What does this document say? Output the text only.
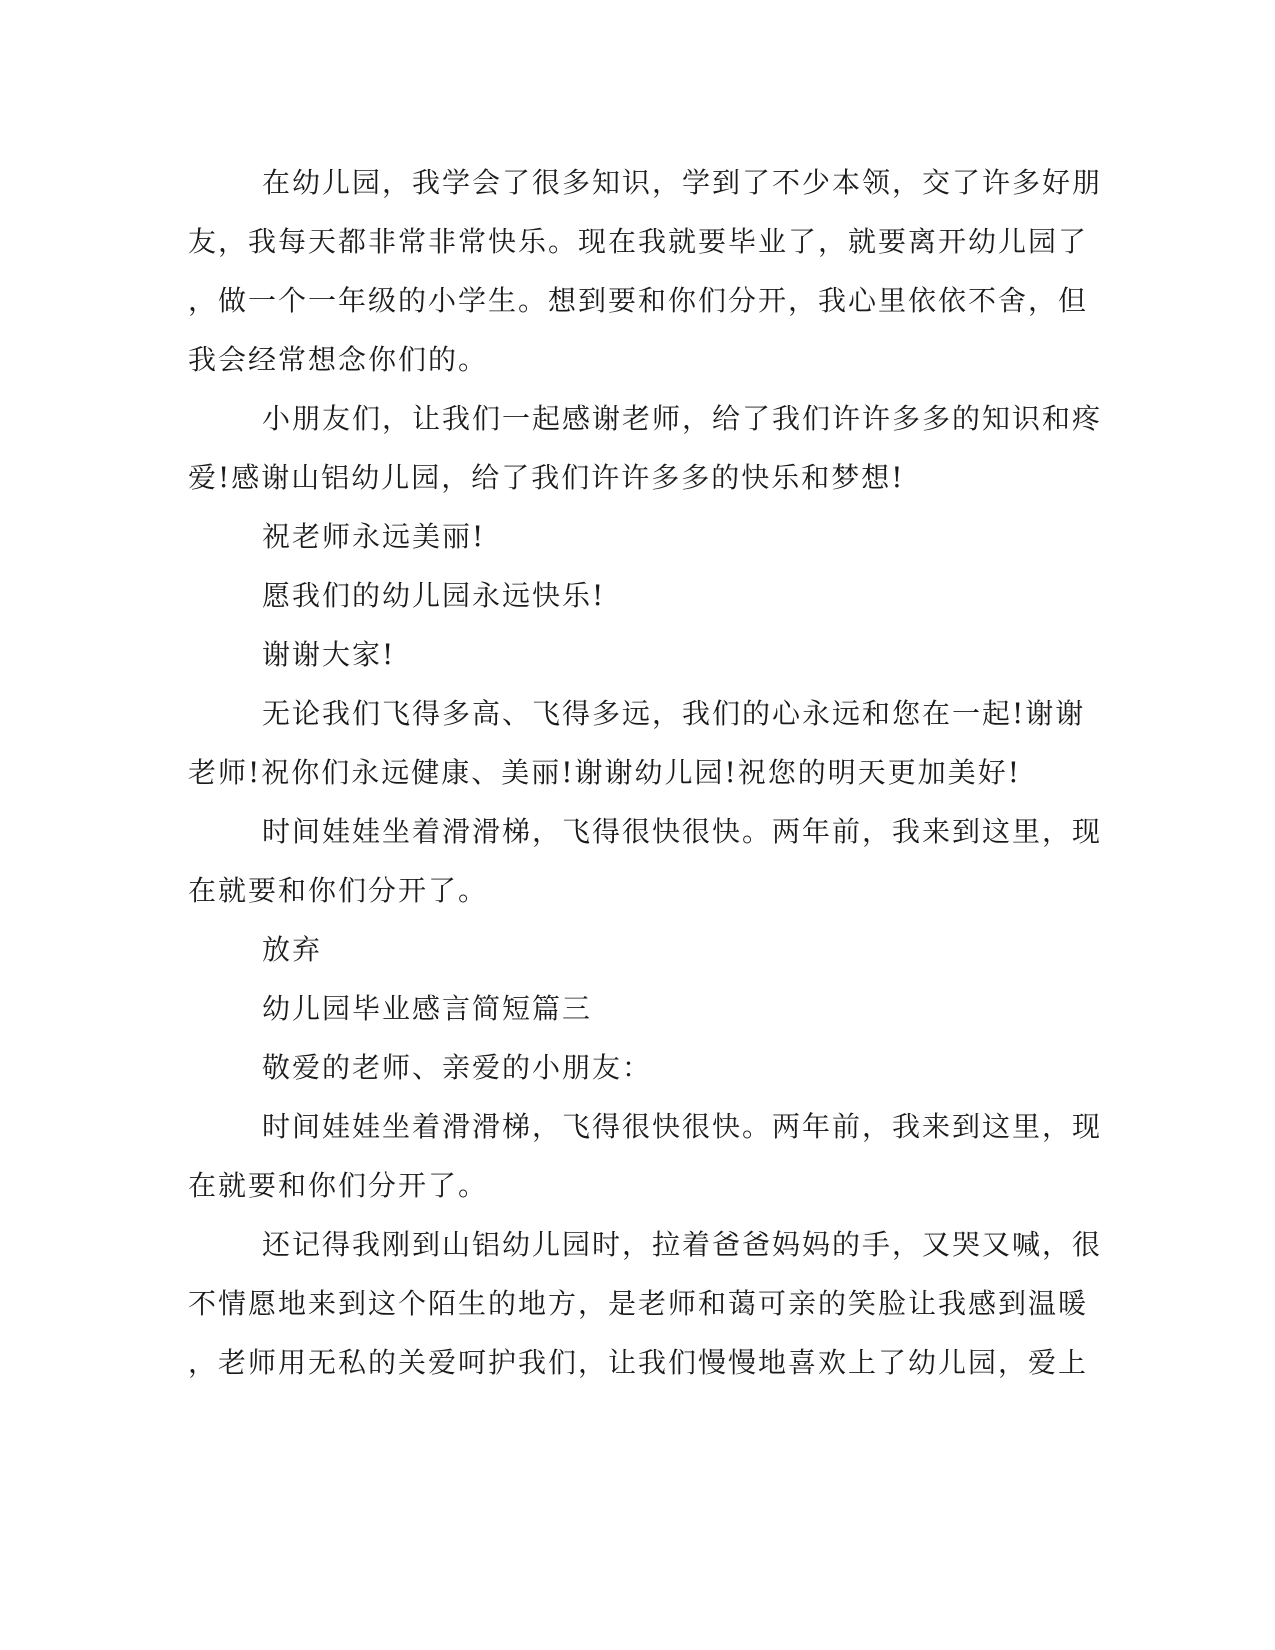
在幼儿园，我学会了很多知识，学到了不少本领，交了许多好朋
友，我每天都非常非常快乐。现在我就要毕业了，就要离开幼儿园了
，做一个一年级的小学生。想到要和你们分开，我心里依依不舍，但
我会经常想念你们的。
小朋友们，让我们一起感谢老师，给了我们许许多多的知识和疼
爱!感谢山铝幼儿园，给了我们许许多多的快乐和梦想!
祝老师永远美丽!
愿我们的幼儿园永远快乐!
谢谢大家!
无论我们飞得多高、飞得多远，我们的心永远和您在一起!谢谢
老师!祝你们永远健康、美丽!谢谢幼儿园!祝您的明天更加美好!
时间娃娃坐着滑滑梯，飞得很快很快。两年前，我来到这里，现
在就要和你们分开了。
放弃
幼儿园毕业感言简短篇三
敬爱的老师、亲爱的小朋友：
时间娃娃坐着滑滑梯，飞得很快很快。两年前，我来到这里，现
在就要和你们分开了。
还记得我刚到山铝幼儿园时，拉着爸爸妈妈的手，又哭又喊，很
不情愿地来到这个陌生的地方，是老师和蔼可亲的笑脸让我感到温暖
，老师用无私的关爱呵护我们，让我们慢慢地喜欢上了幼儿园，爱上
